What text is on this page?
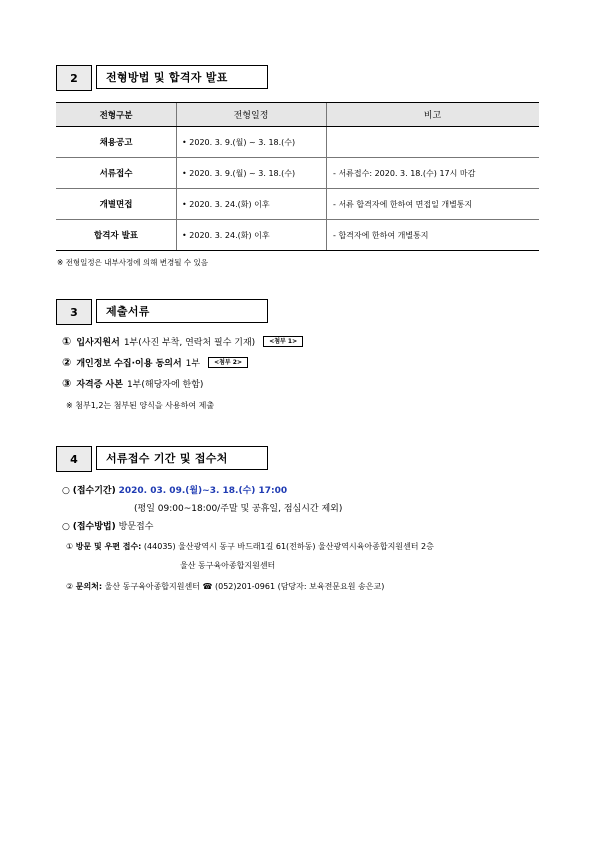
2	전형방법 및 합격자 발표
전형구분	전형일정	비고
채용공고	• 2020. 3. 9.(월) ~ 3. 18.(수)	
서류접수	• 2020. 3. 9.(월) ~ 3. 18.(수)	- 서류접수: 2020. 3. 18.(수) 17시 마감
개별면접	• 2020. 3. 24.(화) 이후	- 서류 합격자에 한하여 면접일 개별통지
합격자 발표	• 2020. 3. 24.(화) 이후	- 합격자에 한하여 개별통지
※ 전형일정은 내부사정에 의해 변경될 수 있음
3	제출서류
① 입사지원서 1부(사진 부착, 연락처 필수 기재)	<첨부 1>
② 개인정보 수집·이용 동의서 1부	<첨부 2>
③ 자격증 사본 1부(해당자에 한함)
※ 첨부1,2는 첨부된 양식을 사용하여 제출
4	서류접수 기간 및 접수처
○ (접수기간) 2020. 03. 09.(월)~3. 18.(수) 17:00
(평일 09:00~18:00/주말 및 공휴일, 점심시간 제외)
○ (접수방법) 방문접수
① 방문 및 우편 접수: (44035) 울산광역시 동구 바드래1길 61(전하동) 울산광역시육아종합지원센터 2층
울산 동구육아종합지원센터
② 문의처: 울산 동구육아종합지원센터 ☎ (052)201-0961 (담당자: 보육전문요원 송은교)
